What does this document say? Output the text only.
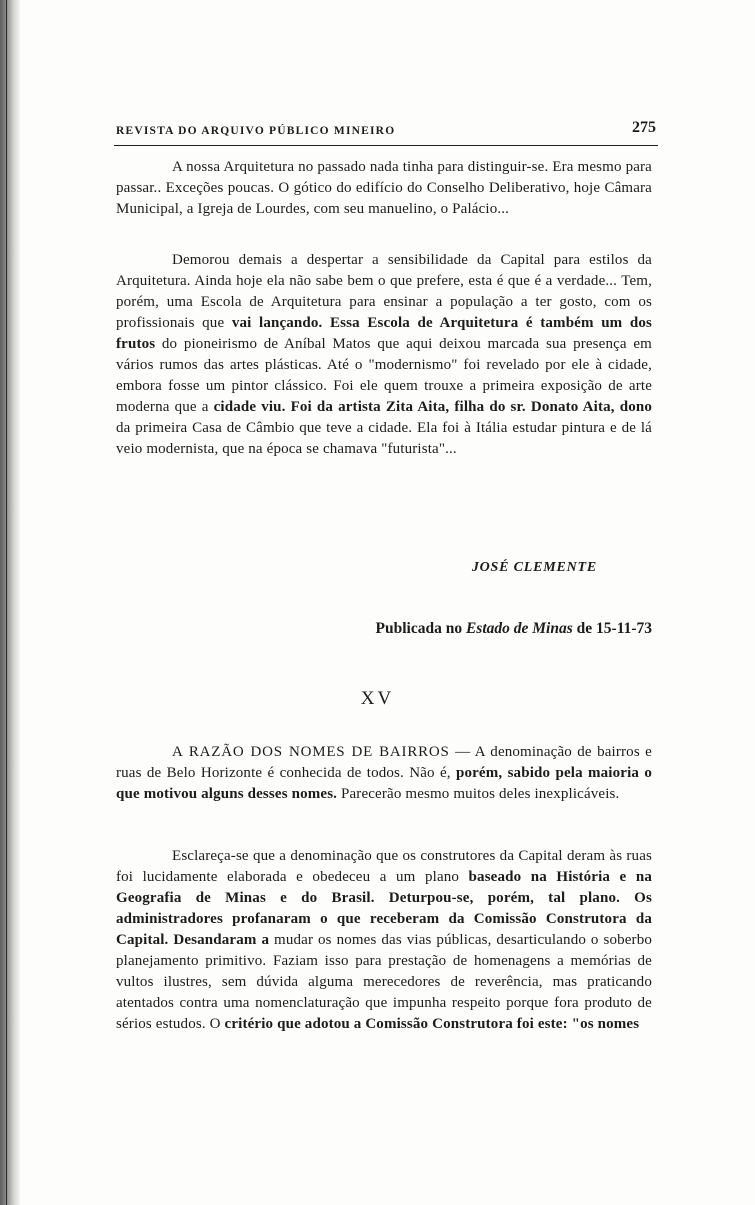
REVISTA DO ARQUIVO PÚBLICO MINEIRO	275

A nossa Arquitetura no passado nada tinha para distinguir-se. Era mesmo para passar.. Exceções poucas. O gótico do edifício do Conselho Deliberativo, hoje Câmara Municipal, a Igreja de Lourdes, com seu manuelino, o Palácio...

Demorou demais a despertar a sensibilidade da Capital para estilos da Arquitetura. Ainda hoje ela não sabe bem o que prefere, esta é que é a verdade... Tem, porém, uma Escola de Arquitetura para ensinar a população a ter gosto, com os profissionais que vai lançando. Essa Escola de Arquitetura é também um dos frutos do pioneirismo de Aníbal Matos que aqui deixou marcada sua presença em vários rumos das artes plásticas. Até o "modernismo" foi revelado por ele à cidade, embora fosse um pintor clássico. Foi ele quem trouxe a primeira exposição de arte moderna que a cidade viu. Foi da artista Zita Aita, filha do sr. Donato Aita, dono da primeira Casa de Câmbio que teve a cidade. Ela foi à Itália estudar pintura e de lá veio modernista, que na época se chamava "futurista"...

JOSÉ CLEMENTE
Publicada no Estado de Minas de 15-11-73
XV

A RAZÃO DOS NOMES DE BAIRROS — A denominação de bairros e ruas de Belo Horizonte é conhecida de todos. Não é, porém, sabido pela maioria o que motivou alguns desses nomes. Parecerão mesmo muitos deles inexplicáveis.

Esclareça-se que a denominação que os construtores da Capital deram às ruas foi lucidamente elaborada e obedeceu a um plano baseado na História e na Geografia de Minas e do Brasil. Deturpou-se, porém, tal plano. Os administradores profanaram o que receberam da Comissão Construtora da Capital. Desandaram a mudar os nomes das vias públicas, desarticulando o soberbo planejamento primitivo. Faziam isso para prestação de homenagens a memórias de vultos ilustres, sem dúvida alguma merecedores de reverência, mas praticando atentados contra uma nomenclaturação que impunha respeito porque fora produto de sérios estudos. O critério que adotou a Comissão Construtora foi este: "os nomes
